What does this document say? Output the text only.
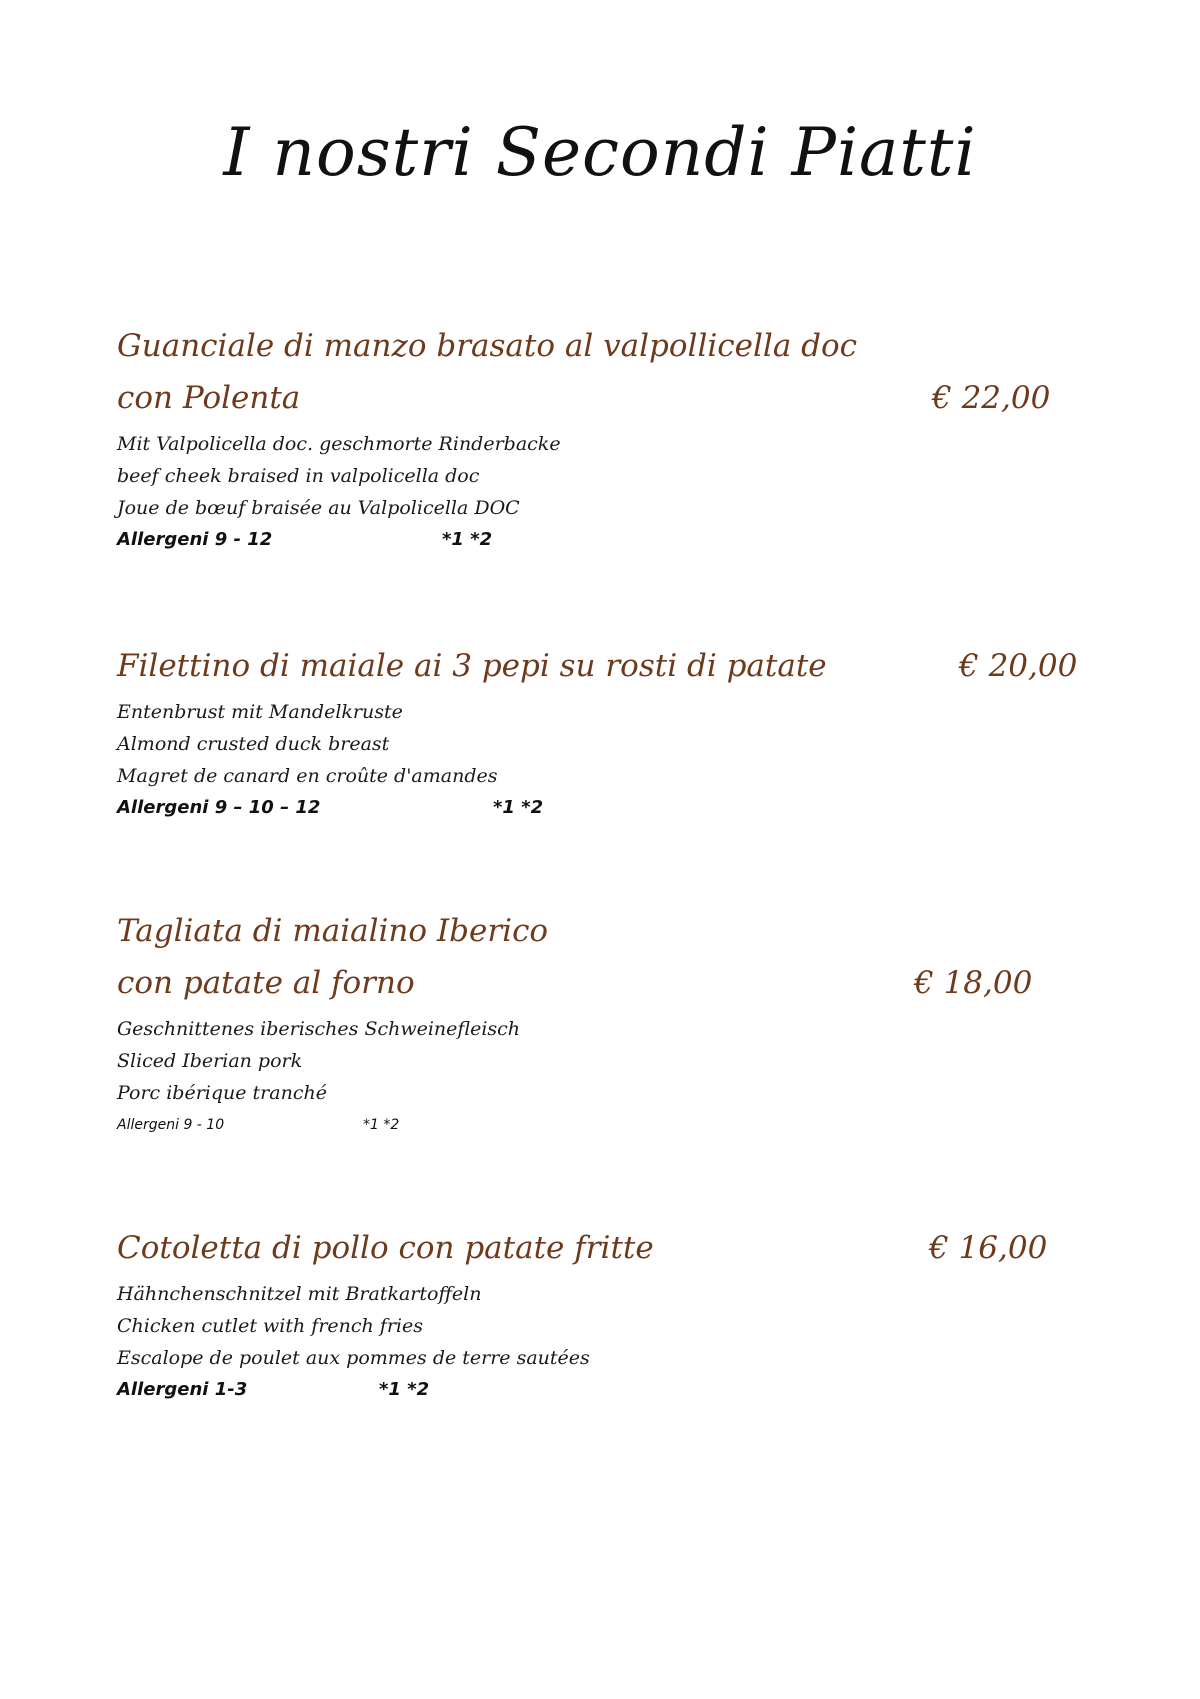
I nostri Secondi Piatti
Guanciale di manzo brasato al valpollicella doc
con Polenta	€ 22,00
Mit Valpolicella doc. geschmorte Rinderbacke
beef cheek braised in valpolicella doc
Joue de bœuf braisée au Valpolicella DOC
Allergeni 9 - 12	*1 *2
Filettino di maiale ai 3 pepi su rosti di patate	€ 20,00
Entenbrust mit Mandelkruste
Almond crusted duck breast
Magret de canard en croûte d'amandes
Allergeni 9 – 10 – 12	*1 *2
Tagliata di maialino Iberico
con patate al forno	€ 18,00
Geschnittenes iberisches Schweinefleisch
Sliced Iberian pork
Porc ibérique tranché
Allergeni 9 - 10	*1 *2
Cotoletta di pollo con patate fritte	€ 16,00
Hähnchenschnitzel mit Bratkartoffeln
Chicken cutlet with french fries
Escalope de poulet aux pommes de terre sautées
Allergeni 1-3	*1 *2
